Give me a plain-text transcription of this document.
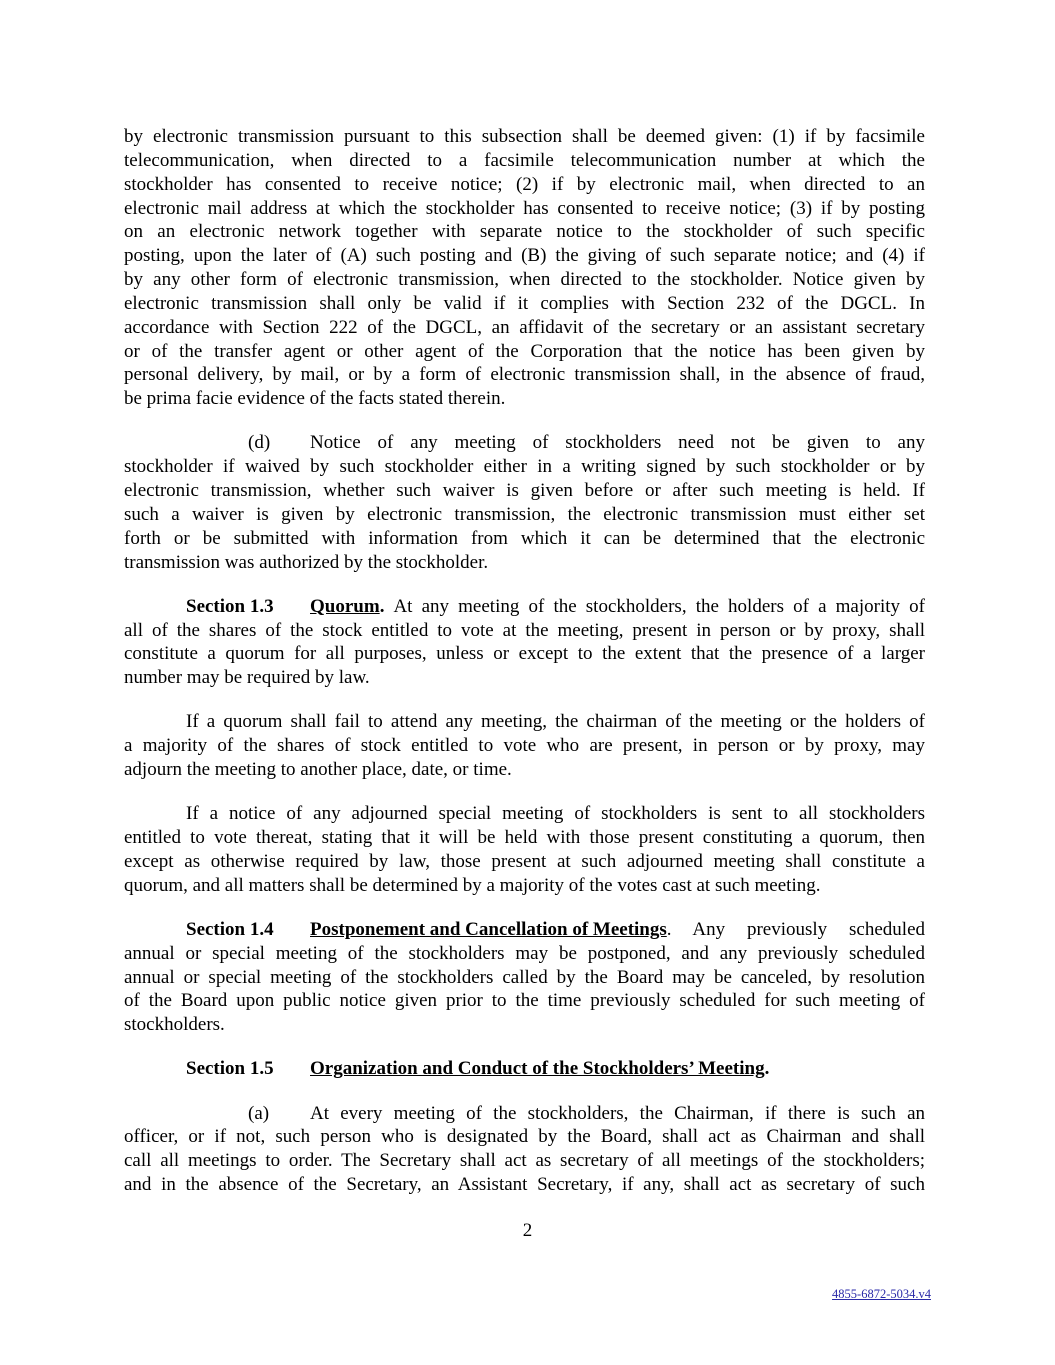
by electronic transmission pursuant to this subsection shall be deemed given: (1) if by facsimile
telecommunication, when directed to a facsimile telecommunication number at which the
stockholder has consented to receive notice; (2) if by electronic mail, when directed to an
electronic mail address at which the stockholder has consented to receive notice; (3) if by posting
on an electronic network together with separate notice to the stockholder of such specific
posting, upon the later of (A) such posting and (B) the giving of such separate notice; and (4) if
by any other form of electronic transmission, when directed to the stockholder. Notice given by
electronic transmission shall only be valid if it complies with Section 232 of the DGCL. In
accordance with Section 222 of the DGCL, an affidavit of the secretary or an assistant secretary
or of the transfer agent or other agent of the Corporation that the notice has been given by
personal delivery, by mail, or by a form of electronic transmission shall, in the absence of fraud,
be prima facie evidence of the facts stated therein.
(d)	Notice of any meeting of stockholders need not be given to any
stockholder if waived by such stockholder either in a writing signed by such stockholder or by
electronic transmission, whether such waiver is given before or after such meeting is held. If
such a waiver is given by electronic transmission, the electronic transmission must either set
forth or be submitted with information from which it can be determined that the electronic
transmission was authorized by the stockholder.
Section 1.3	Quorum . At any meeting of the stockholders, the holders of a majority of
all of the shares of the stock entitled to vote at the meeting, present in person or by proxy, shall
constitute a quorum for all purposes, unless or except to the extent that the presence of a larger
number may be required by law.
If a quorum shall fail to attend any meeting, the chairman of the meeting or the holders of
a majority of the shares of stock entitled to vote who are present, in person or by proxy, may
adjourn the meeting to another place, date, or time.
If a notice of any adjourned special meeting of stockholders is sent to all stockholders
entitled to vote thereat, stating that it will be held with those present constituting a quorum, then
except as otherwise required by law, those present at such adjourned meeting shall constitute a
quorum, and all matters shall be determined by a majority of the votes cast at such meeting.
Section 1.4	Postponement and Cancellation of Meetings . Any previously scheduled
annual or special meeting of the stockholders may be postponed, and any previously scheduled
annual or special meeting of the stockholders called by the Board may be canceled, by resolution
of the Board upon public notice given prior to the time previously scheduled for such meeting of
stockholders.
Section 1.5	Organization and Conduct of the Stockholders’ Meeting .
(a)	At every meeting of the stockholders, the Chairman, if there is such an
officer, or if not, such person who is designated by the Board, shall act as Chairman and shall
call all meetings to order. The Secretary shall act as secretary of all meetings of the stockholders;
and in the absence of the Secretary, an Assistant Secretary, if any, shall act as secretary of such
2
4855-6872-5034.v4
